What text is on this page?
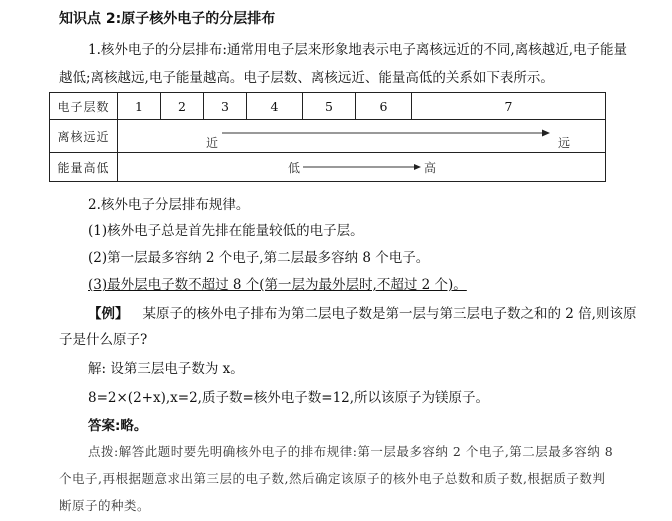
知识点 2:原子核外电子的分层排布
1.核外电子的分层排布:通常用电子层来形象地表示电子离核远近的不同,离核越近,电子能量
越低;离核越远,电子能量越高。电子层数、离核远近、能量高低的关系如下表所示。
电子层数	1	2	3	4	5	6	7
离核远近	近 远						

能量高低	低 高						
2.核外电子分层排布规律。
(1)核外电子总是首先排在能量较低的电子层。
(2)第一层最多容纳 2 个电子,第二层最多容纳 8 个电子。
(3)最外层电子数不超过 8 个(第一层为最外层时,不超过 2 个)。
【例】 某原子的核外电子排布为第二层电子数是第一层与第三层电子数之和的 2 倍,则该原
子是什么原子?
解: 设第三层电子数为 x。
8=2×(2+x),x=2,质子数=核外电子数=12,所以该原子为镁原子。
答案:略。
点拨:解答此题时要先明确核外电子的排布规律:第一层最多容纳 2 个电子,第二层最多容纳 8
个电子,再根据题意求出第三层的电子数,然后确定该原子的核外电子总数和质子数,根据质子数判
断原子的种类。
